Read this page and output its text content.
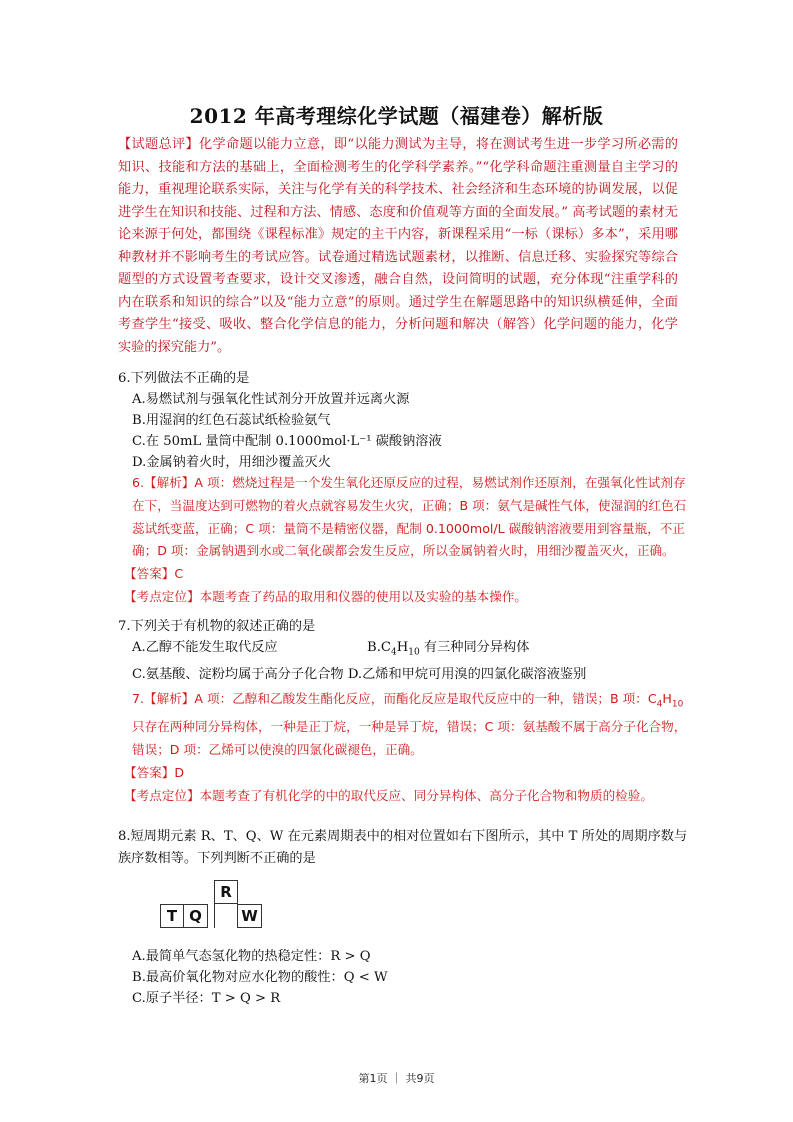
2012 年高考理综化学试题（福建卷）解析版
【试题总评】化学命题以能力立意，即“以能力测试为主导，将在测试考生进一步学习所必需的知识、技能和方法的基础上，全面检测考生的化学科学素养。”“化学科命题注重测量自主学习的能力，重视理论联系实际，关注与化学有关的科学技术、社会经济和生态环境的协调发展，以促进学生在知识和技能、过程和方法、情感、态度和价值观等方面的全面发展。” 高考试题的素材无论来源于何处，都围绕《课程标准》规定的主干内容，新课程采用“一标（课标）多本”，采用哪种教材并不影响考生的考试应答。试卷通过精选试题素材，以推断、信息迁移、实验探究等综合题型的方式设置考查要求，设计交叉渗透，融合自然，设问简明的试题，充分体现“注重学科的内在联系和知识的综合”以及“能力立意”的原则。通过学生在解题思路中的知识纵横延伸，全面考查学生“接受、吸收、整合化学信息的能力，分析问题和解决（解答）化学问题的能力，化学实验的探究能力”。

6.下列做法不正确的是

A.易燃试剂与强氧化性试剂分开放置并远离火源

B.用湿润的红色石蕊试纸检验氨气

C.在 50mL 量筒中配制 0.1000mol·L⁻¹ 碳酸钠溶液

D.金属钠着火时，用细沙覆盖灭火

6.【解析】A 项：燃烧过程是一个发生氧化还原反应的过程，易燃试剂作还原剂，在强氧化性试剂存在下，当温度达到可燃物的着火点就容易发生火灾，正确；B 项：氨气是碱性气体，使湿润的红色石蕊试纸变蓝，正确；C 项：量筒不是精密仪器，配制 0.1000mol/L 碳酸钠溶液要用到容量瓶，不正确；D 项：金属钠遇到水或二氧化碳都会发生反应，所以金属钠着火时，用细沙覆盖灭火，正确。
【答案】C
【考点定位】本题考查了药品的取用和仪器的使用以及实验的基本操作。

7.下列关于有机物的叙述正确的是

A.乙醇不能发生取代反应	$B.C_4H_{10}$ 有三种同分异构体

C.氨基酸、淀粉均属于高分子化合物 D.乙烯和甲烷可用溴的四氯化碳溶液鉴别

7.【解析】A 项：乙醇和乙酸发生酯化反应，而酯化反应是取代反应中的一种，错误；B 项：$C_4H_{10}$只存在两种同分异构体，一种是正丁烷，一种是异丁烷，错误；C 项：氨基酸不属于高分子化合物，错误；D 项：乙烯可以使溴的四氯化碳褪色，正确。
【答案】D
【考点定位】本题考查了有机化学的中的取代反应、同分异构体、高分子化合物和物质的检验。

8.短周期元素 R、T、Q、W 在元素周期表中的相对位置如右下图所示，其中 T 所处的周期序数与族序数相等。下列判断不正确的是

R
T Q	W

A.最简单气态氢化物的热稳定性：R > Q

B.最高价氧化物对应水化物的酸性：Q < W

C.原子半径：T > Q > R

第1页 ｜ 共9页
